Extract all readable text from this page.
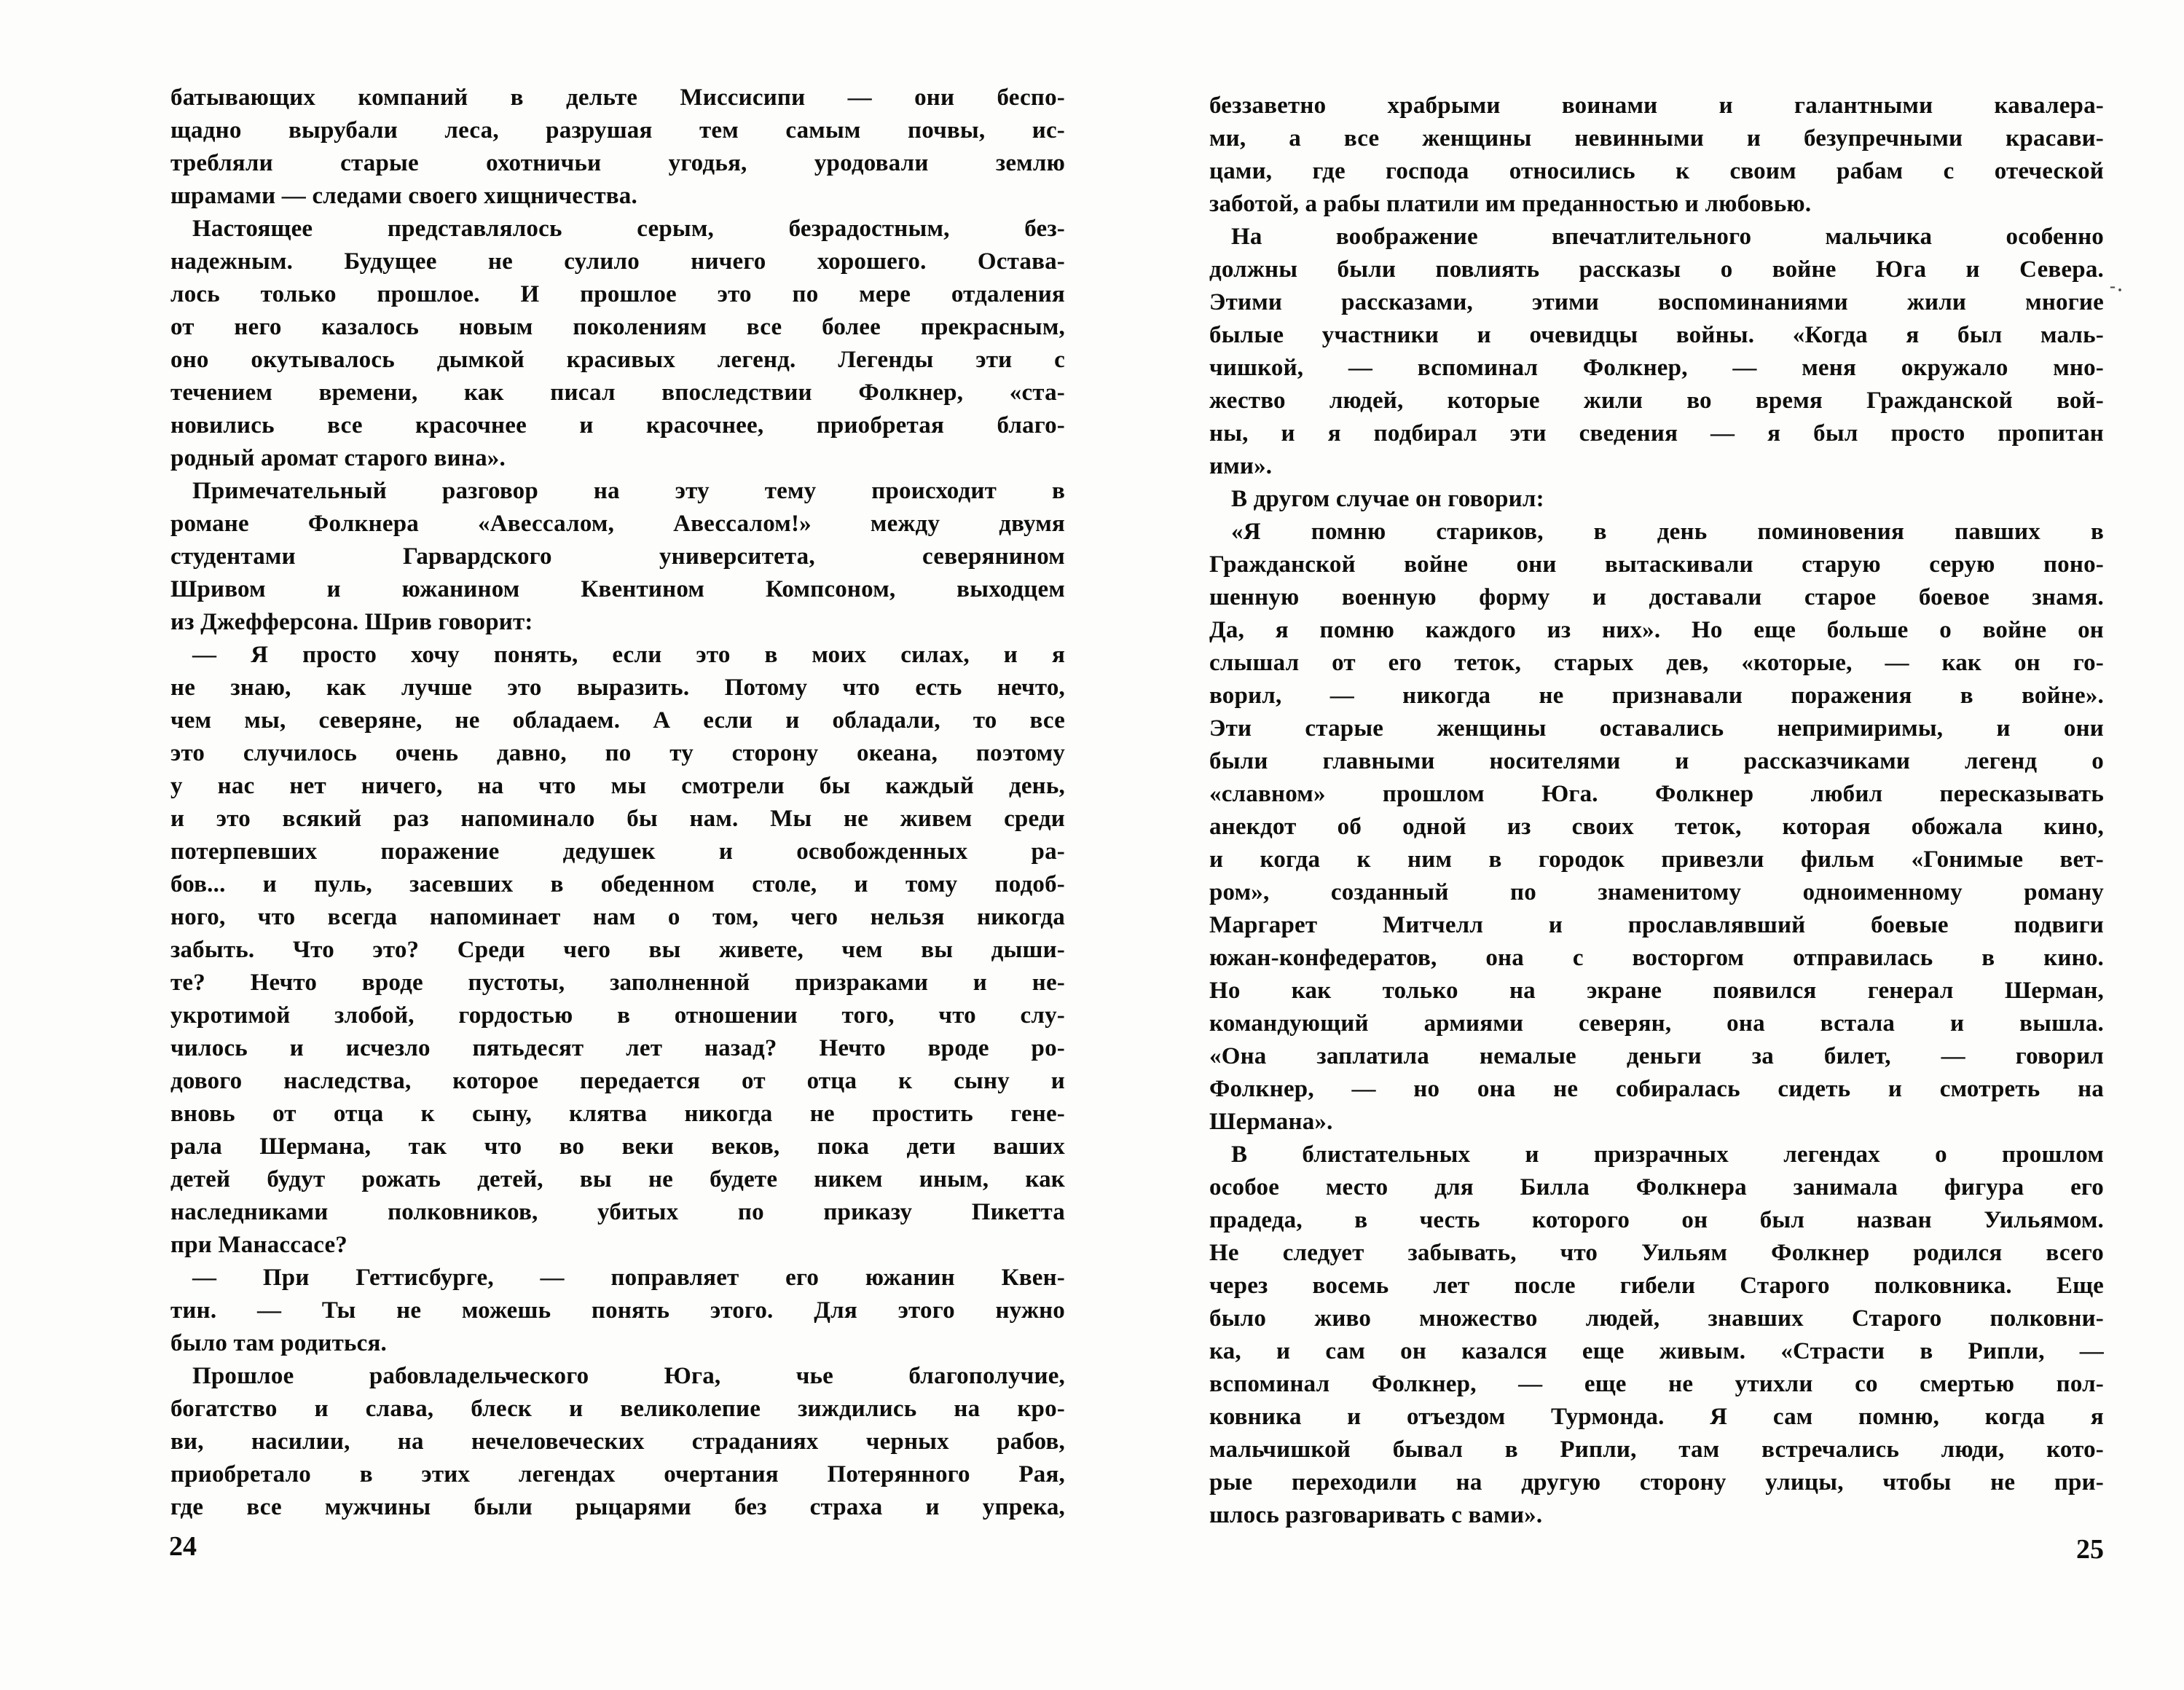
батывающих компаний в дельте Миссисипи — они беспо-
щадно вырубали леса, разрушая тем самым почвы, ис-
требляли старые охотничьи угодья, уродовали землю
шрамами — следами своего хищничества.
Настоящее представлялось серым, безрадостным, без-
надежным. Будущее не сулило ничего хорошего. Остава-
лось только прошлое. И прошлое это по мере отдаления
от него казалось новым поколениям все более прекрасным,
оно окутывалось дымкой красивых легенд. Легенды эти с
течением времени, как писал впоследствии Фолкнер, «ста-
новились все красочнее и красочнее, приобретая благо-
родный аромат старого вина».
Примечательный разговор на эту тему происходит в
романе Фолкнера «Авессалом, Авессалом!» между двумя
студентами Гарвардского университета, северянином
Шривом и южанином Квентином Компсоном, выходцем
из Джефферсона. Шрив говорит:
— Я просто хочу понять, если это в моих силах, и я
не знаю, как лучше это выразить. Потому что есть нечто,
чем мы, северяне, не обладаем. А если и обладали, то все
это случилось очень давно, по ту сторону океана, поэтому
у нас нет ничего, на что мы смотрели бы каждый день,
и это всякий раз напоминало бы нам. Мы не живем среди
потерпевших поражение дедушек и освобожденных ра-
бов... и пуль, засевших в обеденном столе, и тому подоб-
ного, что всегда напоминает нам о том, чего нельзя никогда
забыть. Что это? Среди чего вы живете, чем вы дыши-
те? Нечто вроде пустоты, заполненной призраками и не-
укротимой злобой, гордостью в отношении того, что слу-
чилось и исчезло пятьдесят лет назад? Нечто вроде ро-
дового наследства, которое передается от отца к сыну и
вновь от отца к сыну, клятва никогда не простить гене-
рала Шермана, так что во веки веков, пока дети ваших
детей будут рожать детей, вы не будете никем иным, как
наследниками полковников, убитых по приказу Пикетта
при Манассасе?
— При Геттисбурге, — поправляет его южанин Квен-
тин. — Ты не можешь понять этого. Для этого нужно
было там родиться.
Прошлое рабовладельческого Юга, чье благополучие,
богатство и слава, блеск и великолепие зиждились на кро-
ви, насилии, на нечеловеческих страданиях черных рабов,
приобретало в этих легендах очертания Потерянного Рая,
где все мужчины были рыцарями без страха и упрека,
беззаветно храбрыми воинами и галантными кавалера-
ми, а все женщины невинными и безупречными красави-
цами, где господа относились к своим рабам с отеческой
заботой, а рабы платили им преданностью и любовью.
На воображение впечатлительного мальчика особенно
должны были повлиять рассказы о войне Юга и Севера.
Этими рассказами, этими воспоминаниями жили многие
былые участники и очевидцы войны. «Когда я был маль-
чишкой, — вспоминал Фолкнер, — меня окружало мно-
жество людей, которые жили во время Гражданской вой-
ны, и я подбирал эти сведения — я был просто пропитан
ими».
В другом случае он говорил:
«Я помню стариков, в день поминовения павших в
Гражданской войне они вытаскивали старую серую поно-
шенную военную форму и доставали старое боевое знамя.
Да, я помню каждого из них». Но еще больше о войне он
слышал от его теток, старых дев, «которые, — как он го-
ворил, — никогда не признавали поражения в войне».
Эти старые женщины оставались непримиримы, и они
были главными носителями и рассказчиками легенд о
«славном» прошлом Юга. Фолкнер любил пересказывать
анекдот об одной из своих теток, которая обожала кино,
и когда к ним в городок привезли фильм «Гонимые вет-
ром», созданный по знаменитому одноименному роману
Маргарет Митчелл и прославлявший боевые подвиги
южан-конфедератов, она с восторгом отправилась в кино.
Но как только на экране появился генерал Шерман,
командующий армиями северян, она встала и вышла.
«Она заплатила немалые деньги за билет, — говорил
Фолкнер, — но она не собиралась сидеть и смотреть на
Шермана».
В блистательных и призрачных легендах о прошлом
особое место для Билла Фолкнера занимала фигура его
прадеда, в честь которого он был назван Уильямом.
Не следует забывать, что Уильям Фолкнер родился всего
через восемь лет после гибели Старого полковника. Еще
было живо множество людей, знавших Старого полковни-
ка, и сам он казался еще живым. «Страсти в Рипли, —
вспоминал Фолкнер, — еще не утихли со смертью пол-
ковника и отъездом Турмонда. Я сам помню, когда я
мальчишкой бывал в Рипли, там встречались люди, кото-
рые переходили на другую сторону улицы, чтобы не при-
шлось разговаривать с вами».
24	25
-.
